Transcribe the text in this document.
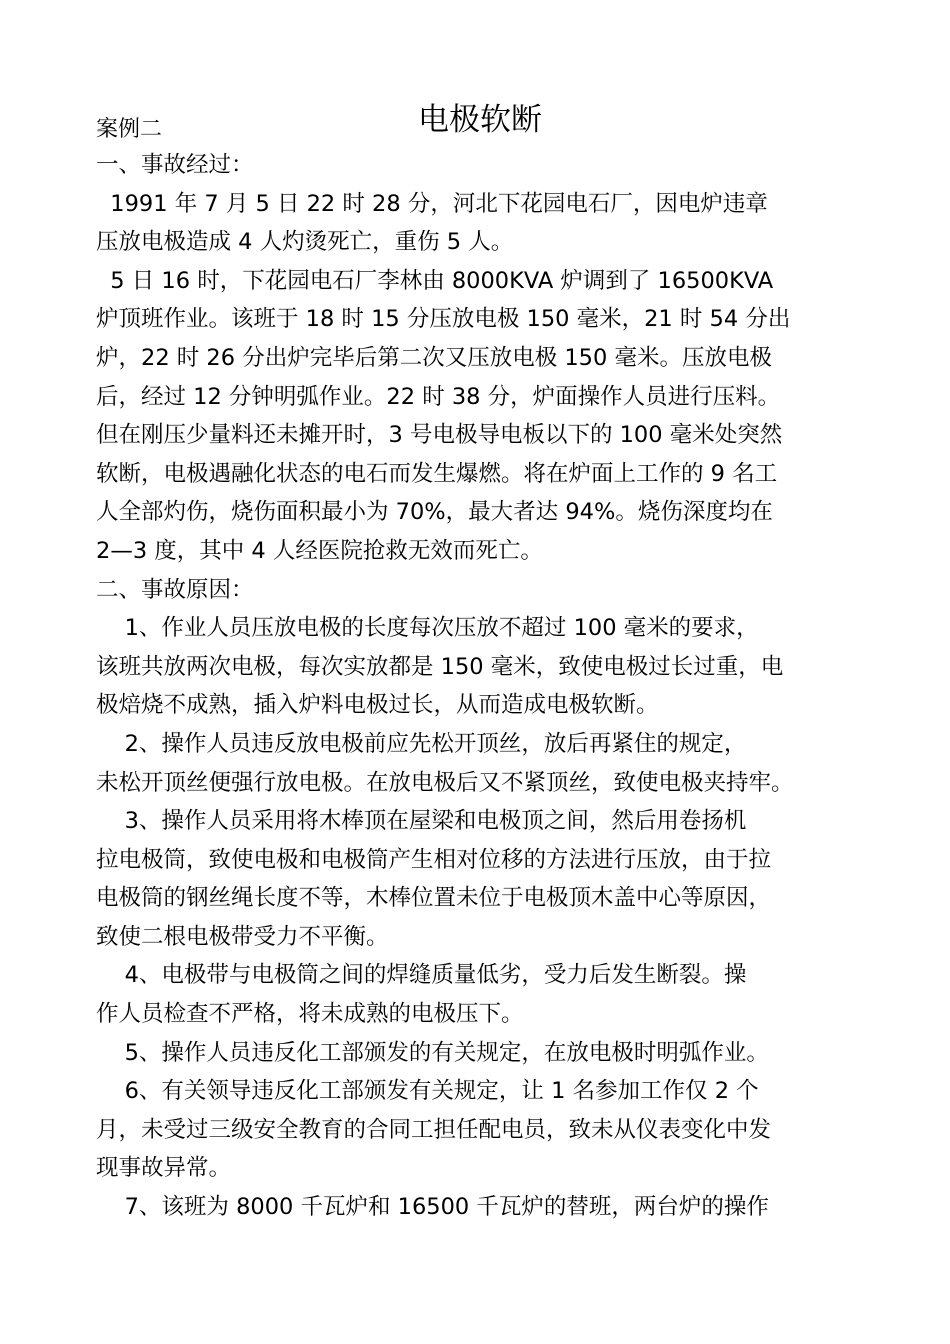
案例二	电极软断
一、事故经过：
1991 年 7 月 5 日 22 时 28 分，河北下花园电石厂，因电炉违章
压放电极造成 4 人灼烫死亡，重伤 5 人。
5 日 16 时，下花园电石厂李林由 8000KVA 炉调到了 16500KVA
炉顶班作业。该班于 18 时 15 分压放电极 150 毫米，21 时 54 分出
炉，22 时 26 分出炉完毕后第二次又压放电极 150 毫米。压放电极
后，经过 12 分钟明弧作业。22 时 38 分，炉面操作人员进行压料。
但在刚压少量料还未摊开时，3 号电极导电板以下的 100 毫米处突然
软断，电极遇融化状态的电石而发生爆燃。将在炉面上工作的 9 名工
人全部灼伤，烧伤面积最小为 70%，最大者达 94%。烧伤深度均在
2—3 度，其中 4 人经医院抢救无效而死亡。
二、事故原因：
1、作业人员压放电极的长度每次压放不超过 100 毫米的要求，
该班共放两次电极，每次实放都是 150 毫米，致使电极过长过重，电
极焙烧不成熟，插入炉料电极过长，从而造成电极软断。
2、操作人员违反放电极前应先松开顶丝，放后再紧住的规定，
未松开顶丝便强行放电极。在放电极后又不紧顶丝，致使电极夹持牢。
3、操作人员采用将木棒顶在屋梁和电极顶之间，然后用卷扬机
拉电极筒，致使电极和电极筒产生相对位移的方法进行压放，由于拉
电极筒的钢丝绳长度不等，木棒位置未位于电极顶木盖中心等原因，
致使二根电极带受力不平衡。
4、电极带与电极筒之间的焊缝质量低劣，受力后发生断裂。操
作人员检查不严格，将未成熟的电极压下。
5、操作人员违反化工部颁发的有关规定，在放电极时明弧作业。
6、有关领导违反化工部颁发有关规定，让 1 名参加工作仅 2 个
月，未受过三级安全教育的合同工担任配电员，致未从仪表变化中发
现事故异常。
7、该班为 8000 千瓦炉和 16500 千瓦炉的替班，两台炉的操作
